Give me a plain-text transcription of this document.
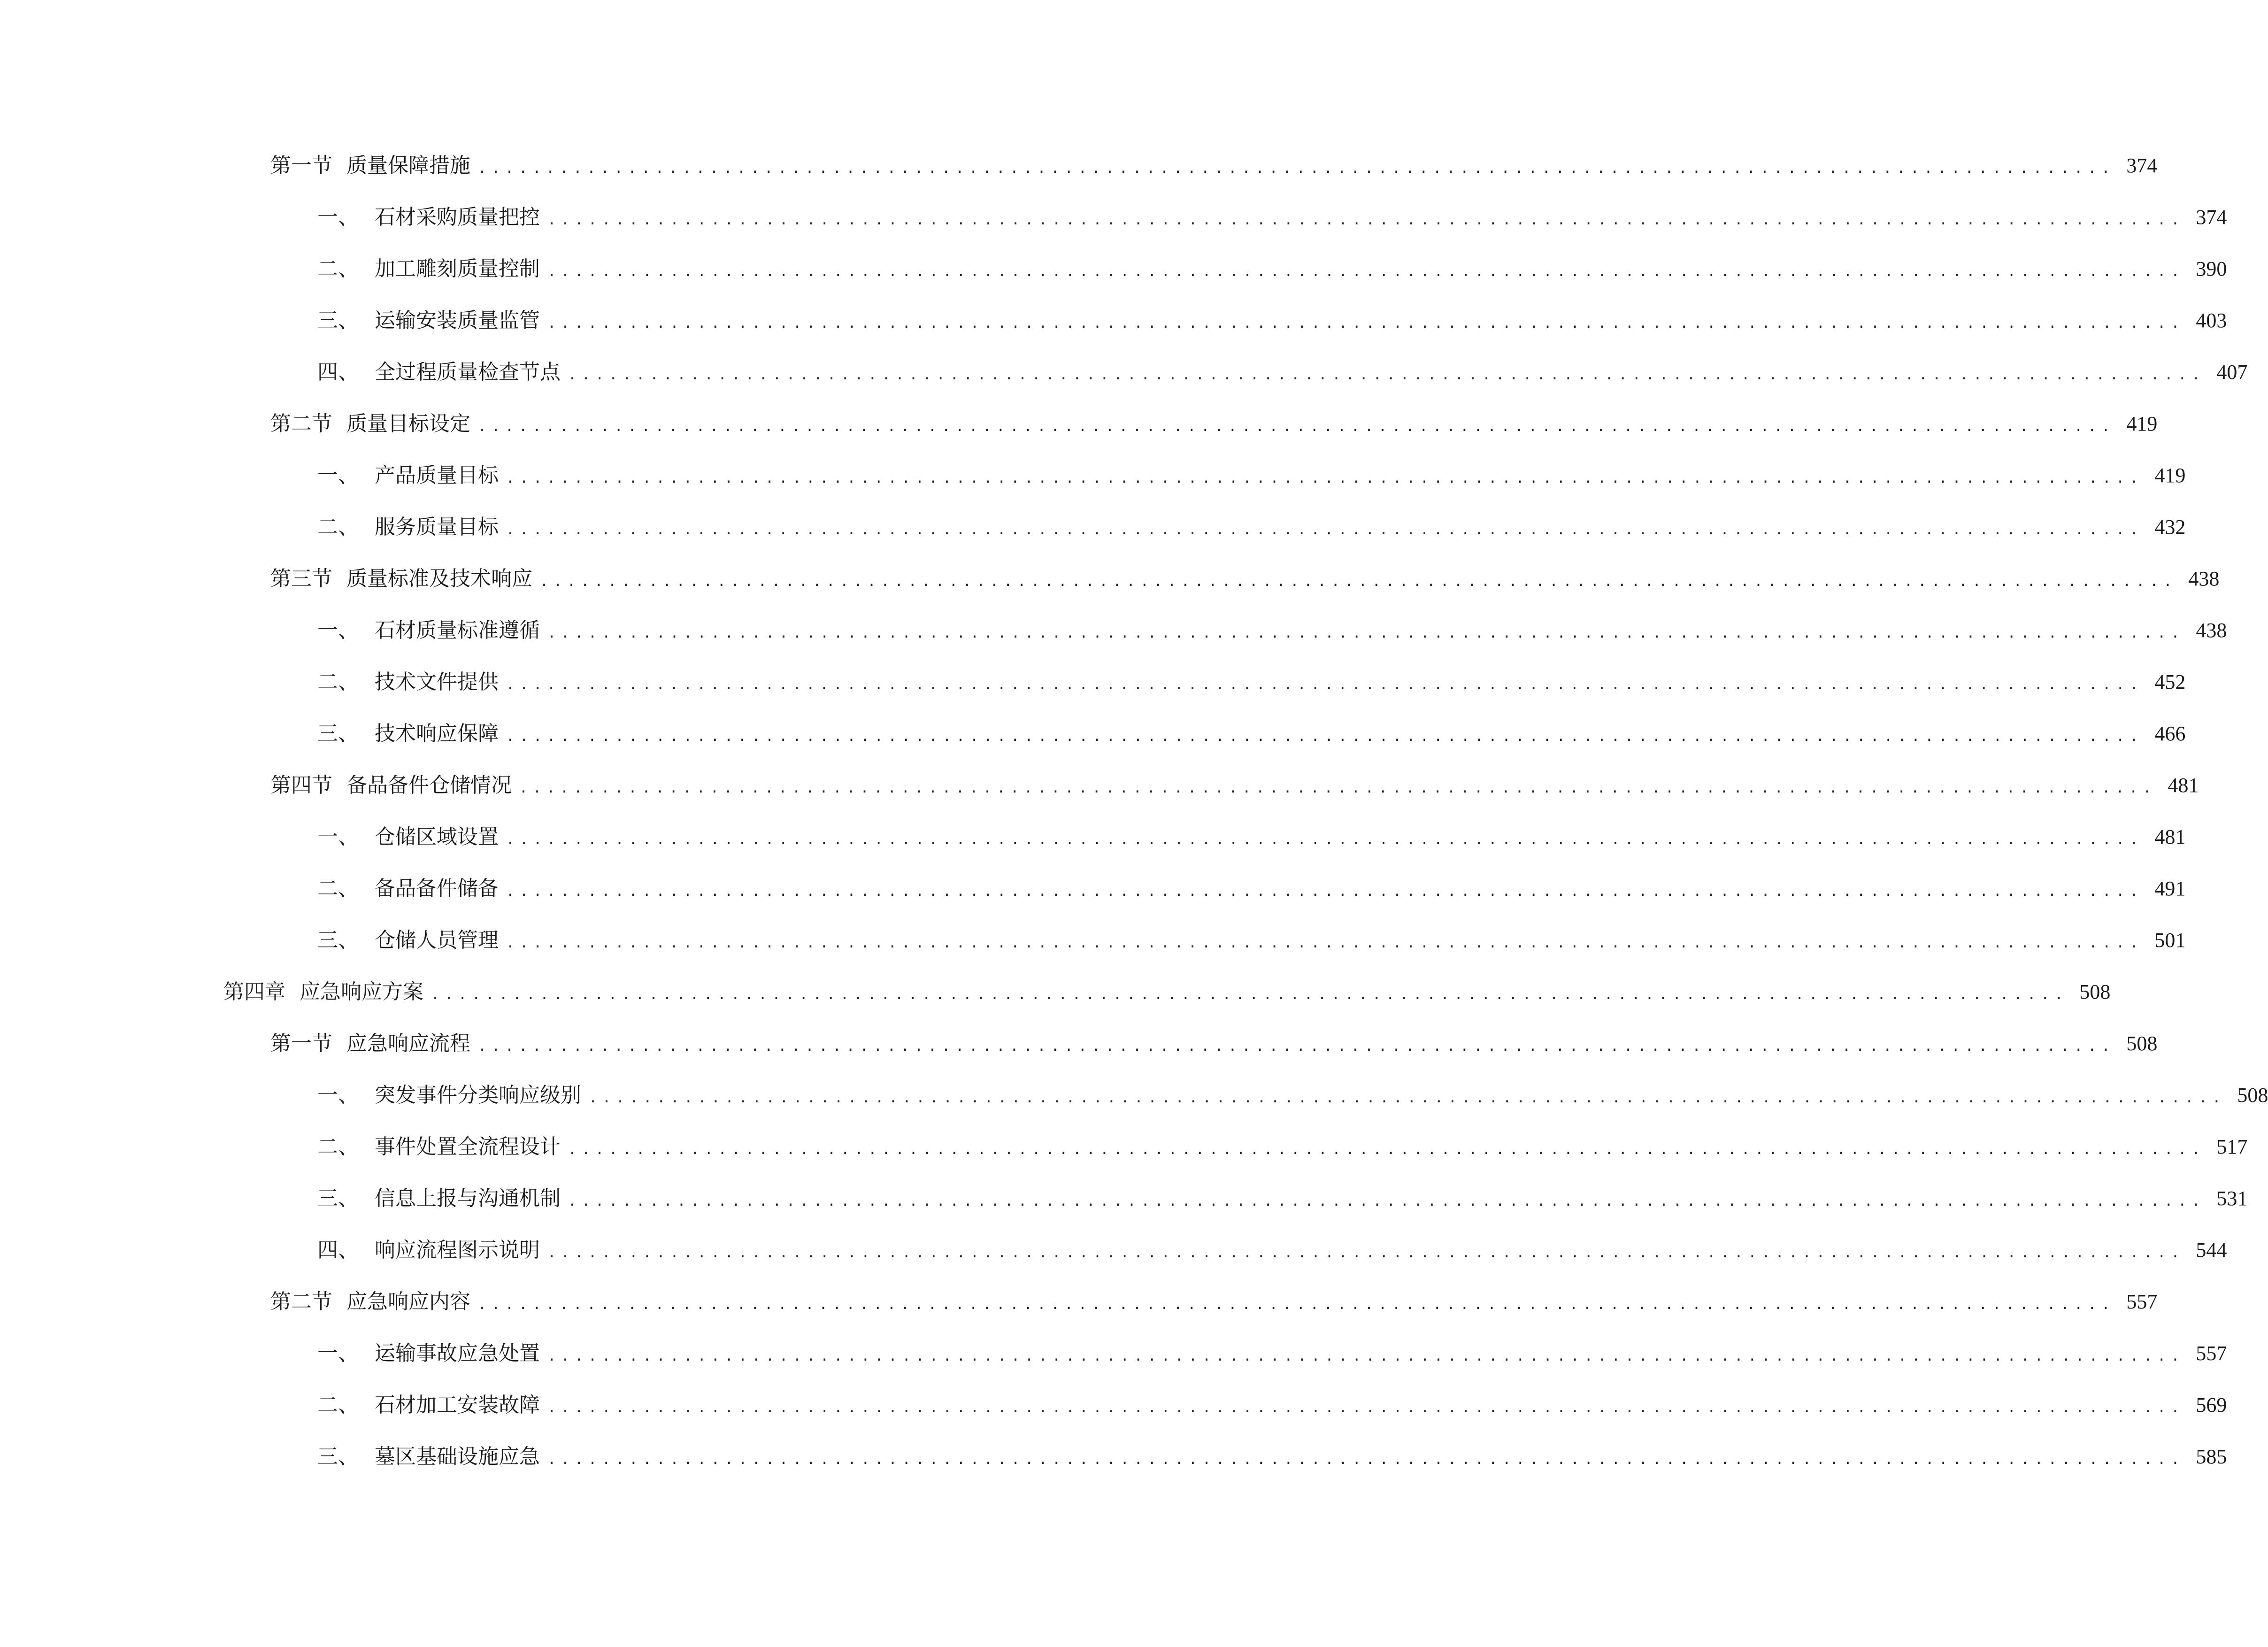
第一节 质量保障措施 ........................................................................................................................ 374
一、 石材采购质量把控 ........................................................................................................................ 374
二、 加工雕刻质量控制 ........................................................................................................................ 390
三、 运输安装质量监管 ........................................................................................................................ 403
四、 全过程质量检查节点 ........................................................................................................................ 407
第二节 质量目标设定 ........................................................................................................................ 419
一、 产品质量目标 ........................................................................................................................ 419
二、 服务质量目标 ........................................................................................................................ 432
第三节 质量标准及技术响应 ........................................................................................................................ 438
一、 石材质量标准遵循 ........................................................................................................................ 438
二、 技术文件提供 ........................................................................................................................ 452
三、 技术响应保障 ........................................................................................................................ 466
第四节 备品备件仓储情况 ........................................................................................................................ 481
一、 仓储区域设置 ........................................................................................................................ 481
二、 备品备件储备 ........................................................................................................................ 491
三、 仓储人员管理 ........................................................................................................................ 501
第四章 应急响应方案 ........................................................................................................................ 508
第一节 应急响应流程 ........................................................................................................................ 508
一、 突发事件分类响应级别 ........................................................................................................................ 508
二、 事件处置全流程设计 ........................................................................................................................ 517
三、 信息上报与沟通机制 ........................................................................................................................ 531
四、 响应流程图示说明 ........................................................................................................................ 544
第二节 应急响应内容 ........................................................................................................................ 557
一、 运输事故应急处置 ........................................................................................................................ 557
二、 石材加工安装故障 ........................................................................................................................ 569
三、 墓区基础设施应急 ........................................................................................................................ 585
